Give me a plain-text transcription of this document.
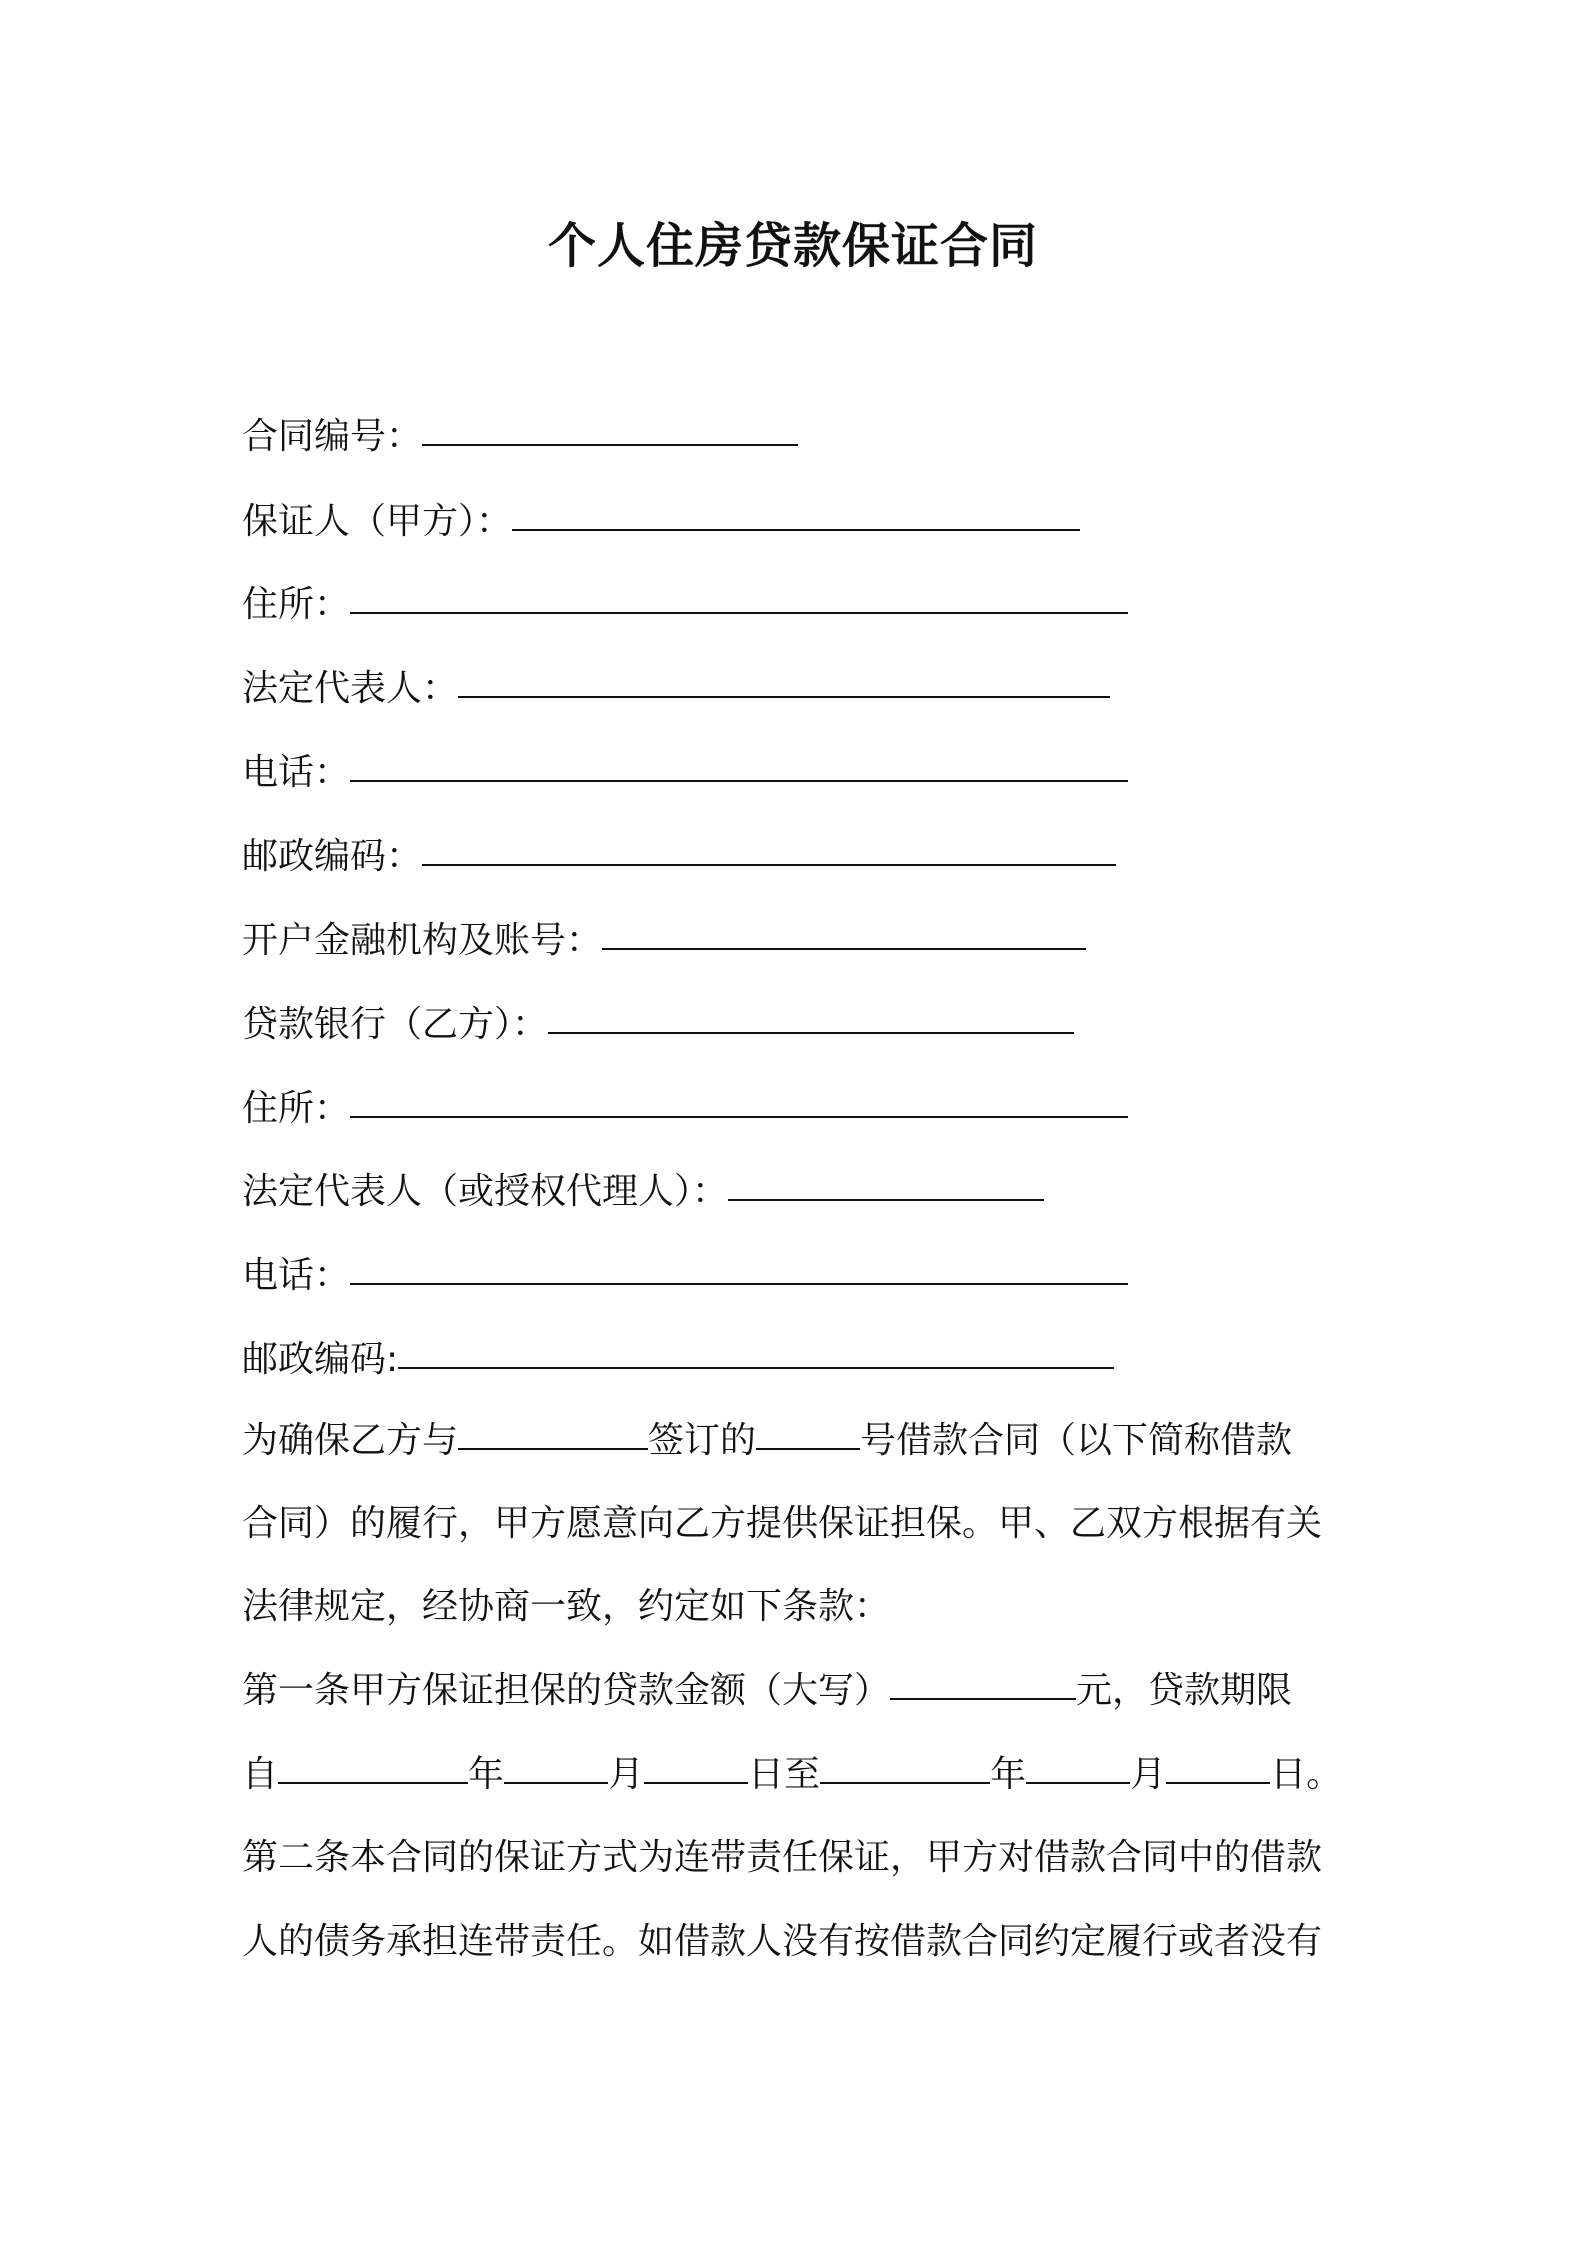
个人住房贷款保证合同
合同编号：
保证人（甲方）：
住所：
法定代表人：
电话：
邮政编码：
开户金融机构及账号：
贷款银行（乙方）：
住所：
法定代表人（或授权代理人）：
电话：
邮政编码:
为确保乙方与	签订的	号借款合同（以下简称借款
合同）的履行，甲方愿意向乙方提供保证担保。甲、乙双方根据有关
法律规定，经协商一致，约定如下条款：
第一条甲方保证担保的贷款金额（大写）	元，贷款期限
自	年	月	日至	年	月	日。
第二条本合同的保证方式为连带责任保证，甲方对借款合同中的借款
人的债务承担连带责任。如借款人没有按借款合同约定履行或者没有
